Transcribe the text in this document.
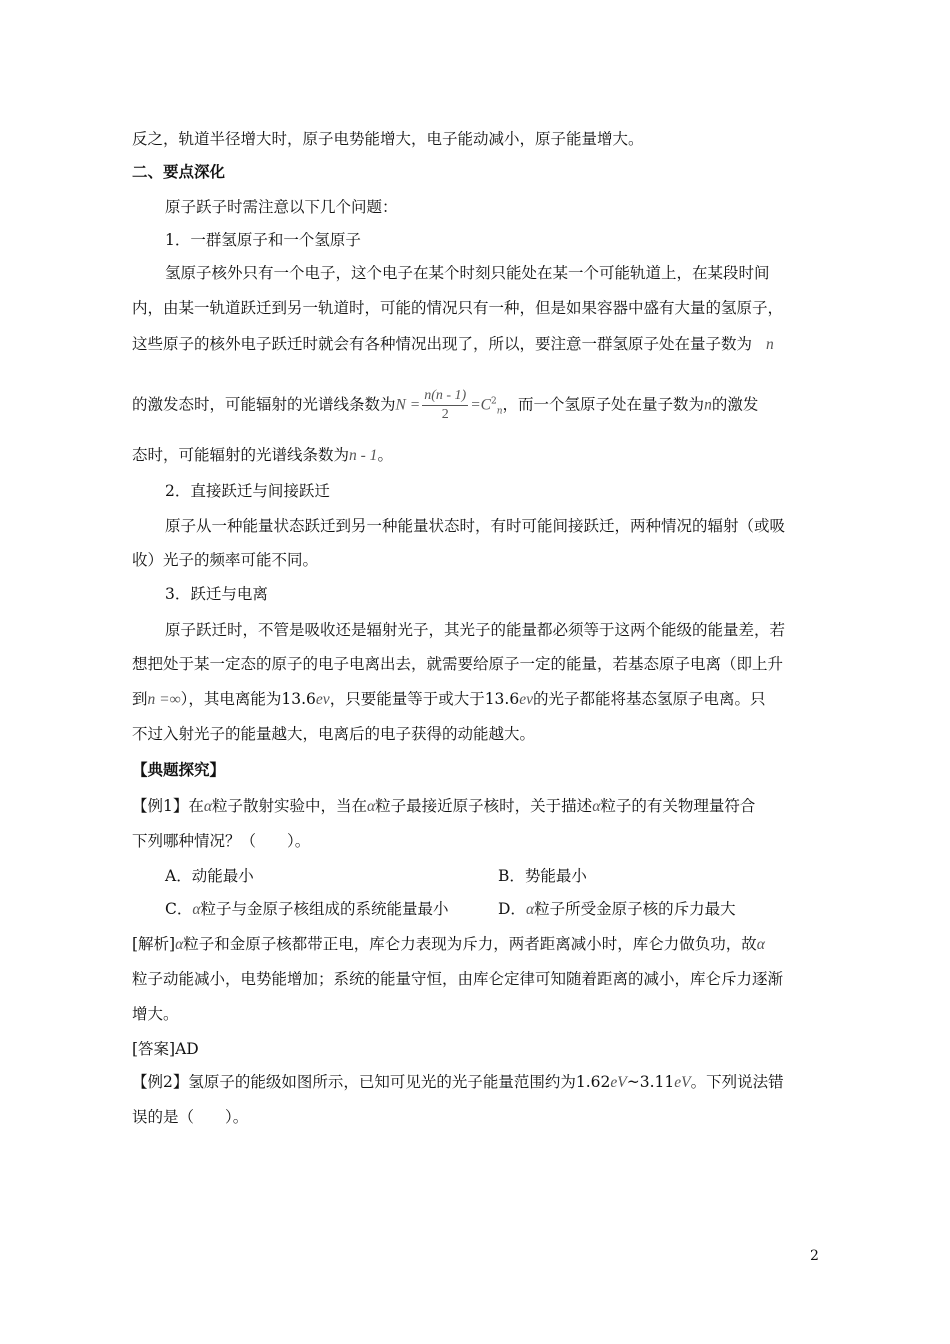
反之，轨道半径增大时，原子电势能增大，电子能动减小，原子能量增大。
二、要点深化
原子跃子时需注意以下几个问题：
1．一群氢原子和一个氢原子
氢原子核外只有一个电子，这个电子在某个时刻只能处在某一个可能轨道上，在某段时间
内，由某一轨道跃迁到另一轨道时，可能的情况只有一种，但是如果容器中盛有大量的氢原子，
这些原子的核外电子跃迁时就会有各种情况出现了，所以，要注意一群氢原子处在量子数为 n
的激发态时，可能辐射的光谱线条数为$N = \frac{n(n - 1)}{2} =C^2_n$，而一个氢原子处在量子数为n的激发
态时，可能辐射的光谱线条数为n - 1。
2．直接跃迁与间接跃迁
原子从一种能量状态跃迁到另一种能量状态时，有时可能间接跃迁，两种情况的辐射（或吸
收）光子的频率可能不同。
3．跃迁与电离
原子跃迁时，不管是吸收还是辐射光子，其光子的能量都必须等于这两个能级的能量差，若
想把处于某一定态的原子的电子电离出去，就需要给原子一定的能量，若基态原子电离（即上升
到n =∞），其电离能为13.6ev，只要能量等于或大于13.6ev的光子都能将基态氢原子电离。只
不过入射光子的能量越大，电离后的电子获得的动能越大。
【典题探究】
【例1】在α粒子散射实验中，当在α粒子最接近原子核时，关于描述α粒子的有关物理量符合
下列哪种情况？（　　）。
A．动能最小	B．势能最小
C．α粒子与金原子核组成的系统能量最小	D．α粒子所受金原子核的斥力最大
[解析]α粒子和金原子核都带正电，库仑力表现为斥力，两者距离减小时，库仑力做负功，故α
粒子动能减小，电势能增加；系统的能量守恒，由库仑定律可知随着距离的减小，库仑斥力逐渐
增大。
[答案]AD
【例2】氢原子的能级如图所示，已知可见光的光子能量范围约为1.62eV~3.11eV。下列说法错
误的是（　　）。
2
